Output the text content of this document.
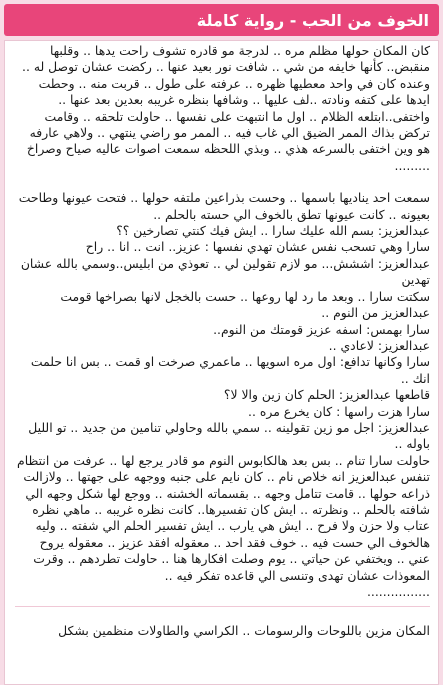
الخوف من الحب - رواية كاملة

كان المكان حولها مظلم مره .. لدرجة مو قادره تشوف راحت يدها .. وقلبها منقبض.. كأنها خايفه من شي .. شافت نور بعيد عنها .. ركضت عشان توصل له .. وعنده كان في واحد معطيها ظهره .. عرفته على طول .. قربت منه .. وحطت ايدها على كتفه ونادته ..لف عليها .. وشافها بنظره غريبه بعدين بعد عنها .. واختفى..ابتلعه الظلام .. اول ما انتبهت على نفسها .. حاولت تلحقه .. وقامت تركض بذاك الممر الضيق الي غاب فيه .. الممر مو راضي ينتهي .. ولاهي عارفه هو وين اختفى بالسرعه هذي .. وبذي اللحظه سمعت اصوات عاليه صياح وصراخ .........

سمعت احد يناديها باسمها .. وحست بذراعين ملتفه حولها .. فتحت عيونها وطاحت بعيونه .. كانت عيونها تطق بالخوف الي حسته بالحلم ..
عبدالعزيز: بسم الله عليك سارا .. ايش فيك كنتي تصارخين ؟؟
سارا وهي تسحب نفس عشان تهدي نفسها : عزيز.. انت .. انا .. راح
عبدالعزيز: اششش... مو لازم تقولين لي .. تعوذي من ابليس..وسمي بالله عشان تهدين
سكتت سارا .. وبعد ما رد لها روعها .. حست بالخجل لانها بصراخها قومت عبدالعزيز من النوم ..
سارا بهمس: اسفه عزيز قومتك من النوم..
عبدالعزيز: لاعادي ..
سارا وكانها تدافع: اول مره اسويها .. ماعمري صرخت او قمت .. بس انا حلمت انك ..
قاطعها عبدالعزيز: الحلم كان زين والا لا؟
سارا هزت راسها : كان يخرع مره ..
عبدالعزيز: اجل مو زين تقولينه .. سمي بالله وحاولي تنامين من جديد .. تو الليل باوله ..
حاولت سارا تنام .. بس بعد هالكابوس النوم مو قادر يرجع لها .. عرفت من انتظام تنفس عبدالعزيز انه خلاص نام .. كان نايم على جنبه ووجهه على جهتها .. ولازالت ذراعه حولها .. قامت تتامل وجهه .. بقسماته الخشنه .. ووجع لها شكل وجهه الي شافته بالحلم .. ونظرته .. ايش كان تفسيرها.. كانت نظره غريبه .. ماهي نظره عتاب ولا حزن ولا فرح .. ايش هي يارب .. ايش تفسير الحلم الي شفته .. وليه هالخوف الي حست فيه .. خوف فقد احد .. معقوله افقد عزيز .. معقوله يروح عني .. ويختفي عن حياتي .. يوم وصلت افكارها هنا .. حاولت تطردهم .. وقرت المعوذات عشان تهدى وتنسى الي قاعده تفكر فيه ..

................

المكان مزين باللوحات والرسومات .. الكراسي والطاولات منظمين بشكل
